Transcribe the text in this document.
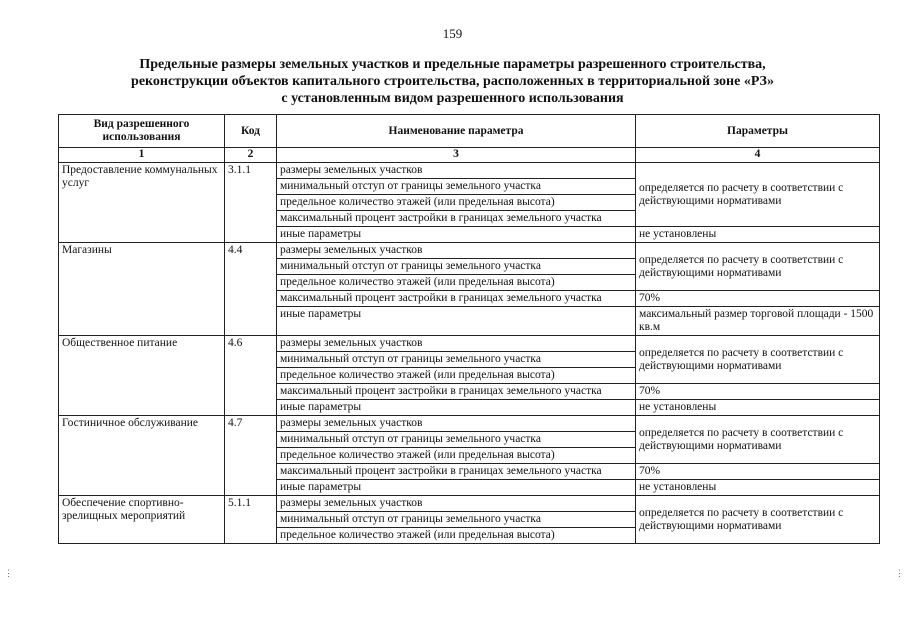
159
Предельные размеры земельных участков и предельные параметры разрешенного строительства,
реконструкции объектов капитального строительства, расположенных в территориальной зоне «РЗ»
с установленным видом разрешенного использования
⋮	⋮
Вид разрешенного использования	Код	Наименование параметра	Параметры
1	2	3	4
Предоставление коммунальных услуг	3.1.1	размеры земельных участков	определяется по расчету в соответствии с действующими нормативами
		минимальный отступ от границы земельного участка	
		предельное количество этажей (или предельная высота)	
		максимальный процент застройки в границах земельного участка	
		иные параметры	не установлены
Магазины	4.4	размеры земельных участков	определяется по расчету в соответствии с действующими нормативами
		минимальный отступ от границы земельного участка	
		предельное количество этажей (или предельная высота)	
		максимальный процент застройки в границах земельного участка	70%
		иные параметры	максимальный размер торговой площади - 1500 кв.м
Общественное питание	4.6	размеры земельных участков	определяется по расчету в соответствии с действующими нормативами
		минимальный отступ от границы земельного участка	
		предельное количество этажей (или предельная высота)	
		максимальный процент застройки в границах земельного участка	70%
		иные параметры	не установлены
Гостиничное обслуживание	4.7	размеры земельных участков	определяется по расчету в соответствии с действующими нормативами
		минимальный отступ от границы земельного участка	
		предельное количество этажей (или предельная высота)	
		максимальный процент застройки в границах земельного участка	70%
		иные параметры	не установлены
Обеспечение спортивно-зрелищных мероприятий	5.1.1	размеры земельных участков	определяется по расчету в соответствии с действующими нормативами
		минимальный отступ от границы земельного участка	
		предельное количество этажей (или предельная высота)	
